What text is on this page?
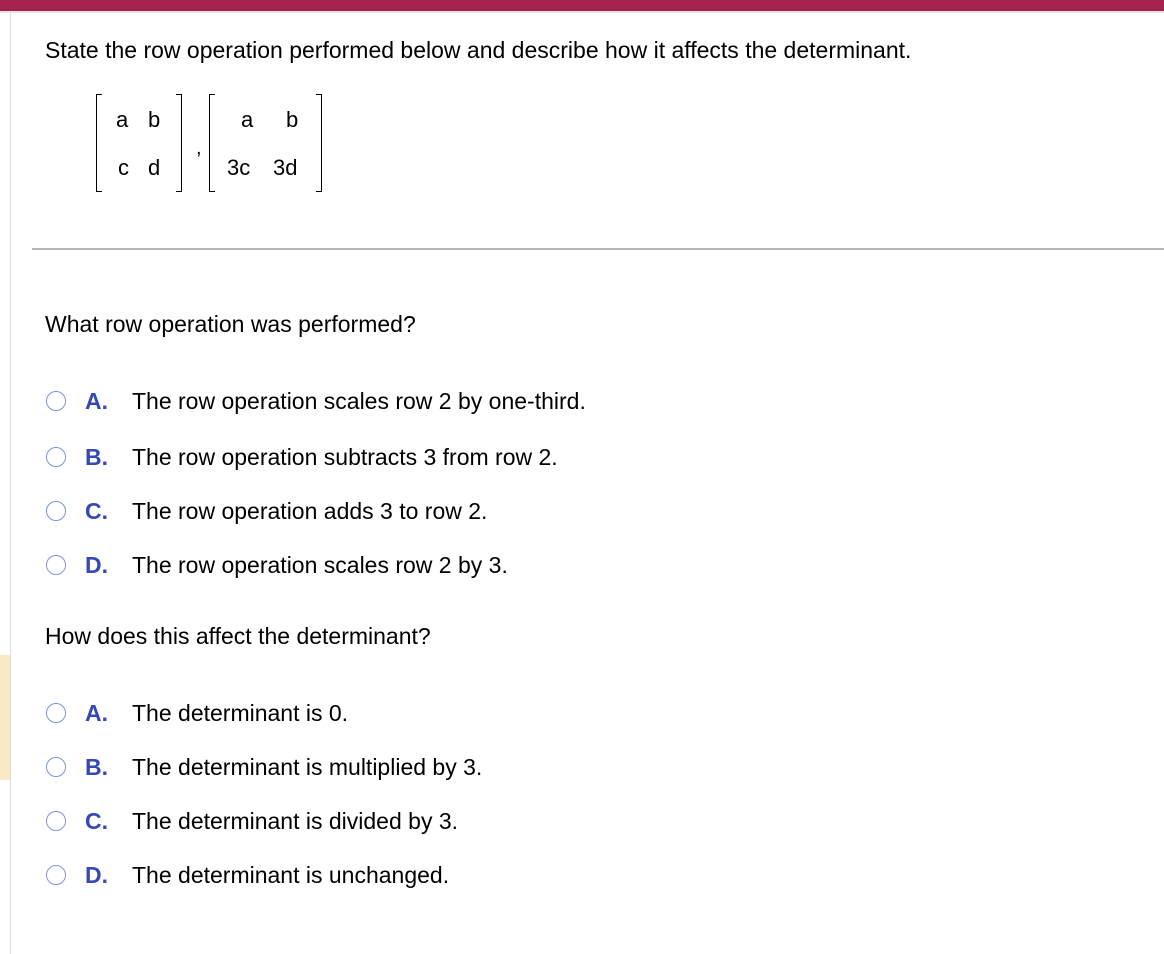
State the row operation performed below and describe how it affects the determinant.
a b
c d
,
a b
3c 3d
What row operation was performed?
A.	The row operation scales row 2 by one-third.
B.	The row operation subtracts 3 from row 2.
C.	The row operation adds 3 to row 2.
D.	The row operation scales row 2 by 3.
How does this affect the determinant?
A.	The determinant is 0.
B.	The determinant is multiplied by 3.
C.	The determinant is divided by 3.
D.	The determinant is unchanged.
